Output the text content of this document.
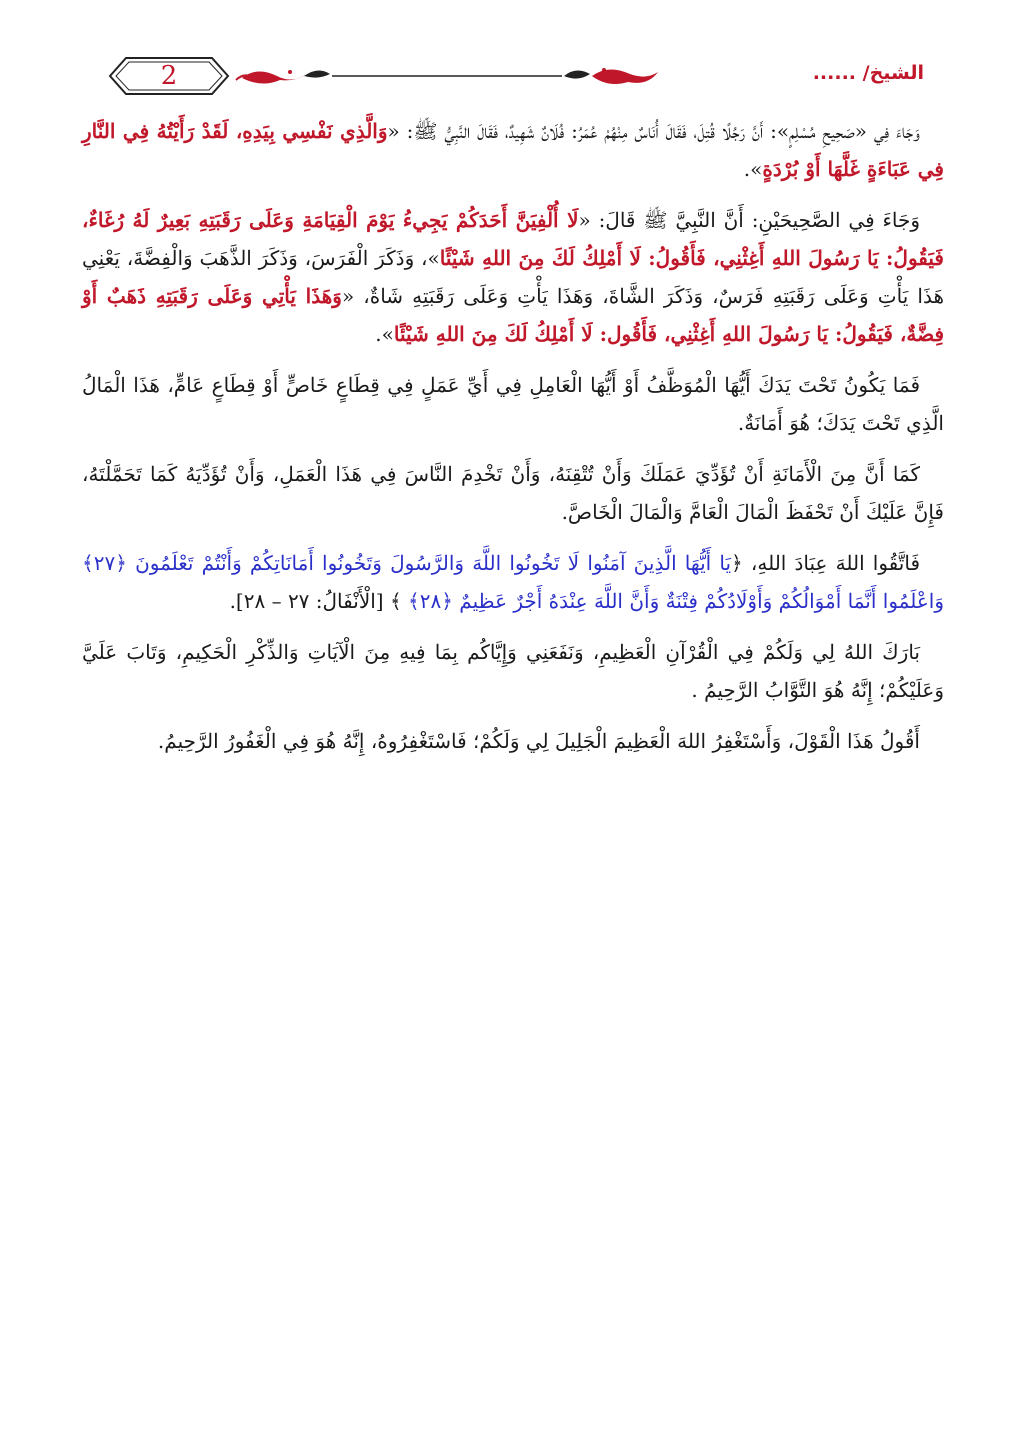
2	الشيخ/ ......

وَجَاءَ فِي «صَحِيحِ مُسْلِمٍ»: أَنَّ رَجُلًا قُتِلَ، فَقَالَ أُنَاسٌ مِنْهُمْ عُمَرُ: فُلَانٌ شَهِيدٌ، فَقَالَ النَّبِيُّ ﷺ: «وَالَّذِي نَفْسِي بِيَدِهِ، لَقَدْ رَأَيْتُهُ فِي النَّارِ فِي عَبَاءَةٍ غَلَّهَا أَوْ بُرْدَةٍ».

وَجَاءَ فِي الصَّحِيحَيْنِ: أَنَّ النَّبِيَّ ﷺ قَالَ: «لَا أُلْفِيَنَّ أَحَدَكُمْ يَجِيءُ يَوْمَ الْقِيَامَةِ وَعَلَى رَقَبَتِهِ بَعِيرٌ لَهُ رُغَاءٌ، فَيَقُولُ: يَا رَسُولَ اللهِ أَغِثْنِي، فَأَقُولُ: لَا أَمْلِكُ لَكَ مِنَ اللهِ شَيْئًا»، وَذَكَرَ الْفَرَسَ، وَذَكَرَ الذَّهَبَ وَالْفِضَّةَ، يَعْنِي هَذَا يَأْتِ وَعَلَى رَقَبَتِهِ فَرَسٌ، وَذَكَرَ الشَّاةَ، وَهَذَا يَأْتِ وَعَلَى رَقَبَتِهِ شَاةٌ، «وَهَذَا يَأْتِي وَعَلَى رَقَبَتِهِ ذَهَبٌ أَوْ فِضَّةٌ، فَيَقُولُ: يَا رَسُولَ اللهِ أَغِثْنِي، فَأَقُول: لَا أَمْلِكُ لَكَ مِنَ اللهِ شَيْئًا».

فَمَا يَكُونُ تَحْتَ يَدَكَ أَيُّهَا الْمُوَظَّفُ أَوْ أَيُّهَا الْعَامِلِ فِي أَيِّ عَمَلٍ فِي قِطَاعٍ خَاصٍّ أَوْ قِطَاعٍ عَامٍّ، هَذَا الْمَالُ الَّذِي تَحْتَ يَدَكَ؛ هُوَ أَمَانَةٌ.

كَمَا أَنَّ مِنَ الْأَمَانَةِ أَنْ تُؤَدِّيَ عَمَلَكَ وَأَنْ تُتْقِنَهُ، وَأَنْ تَخْدِمَ النَّاسَ فِي هَذَا الْعَمَلِ، وَأَنْ تُؤَدِّيَهُ كَمَا تَحَمَّلْتَهُ، فَإِنَّ عَلَيْكَ أَنْ تَحْفَظَ الْمَالَ الْعَامَّ وَالْمَالَ الْخَاصَّ.

فَاتَّقُوا اللهَ عِبَادَ اللهِ، ﴿يَا أَيُّهَا الَّذِينَ آمَنُوا لَا تَخُونُوا اللَّهَ وَالرَّسُولَ وَتَخُونُوا أَمَانَاتِكُمْ وَأَنْتُمْ تَعْلَمُونَ ﴿٢٧﴾ وَاعْلَمُوا أَنَّمَا أَمْوَالُكُمْ وَأَوْلَادُكُمْ فِتْنَةٌ وَأَنَّ اللَّهَ عِنْدَهُ أَجْرٌ عَظِيمٌ ﴿٢٨﴾ ﴾ [الْأَنْفَالُ: ٢٧ – ٢٨].

بَارَكَ اللهُ لِي وَلَكُمْ فِي الْقُرْآنِ الْعَظِيمِ، وَنَفَعَنِي وَإِيَّاكُم بِمَا فِيهِ مِنَ الْآيَاتِ وَالذِّكْرِ الْحَكِيمِ، وَتَابَ عَلَيَّ وَعَلَيْكُمْ؛ إِنَّهُ هُوَ التَّوَّابُ الرَّحِيمُ .

أَقُولُ هَذَا الْقَوْلَ، وَأَسْتَغْفِرُ اللهَ الْعَظِيمَ الْجَلِيلَ لِي وَلَكُمْ؛ فَاسْتَغْفِرُوهُ، إِنَّهُ هُوَ فِي الْغَفُورُ الرَّحِيمُ.
